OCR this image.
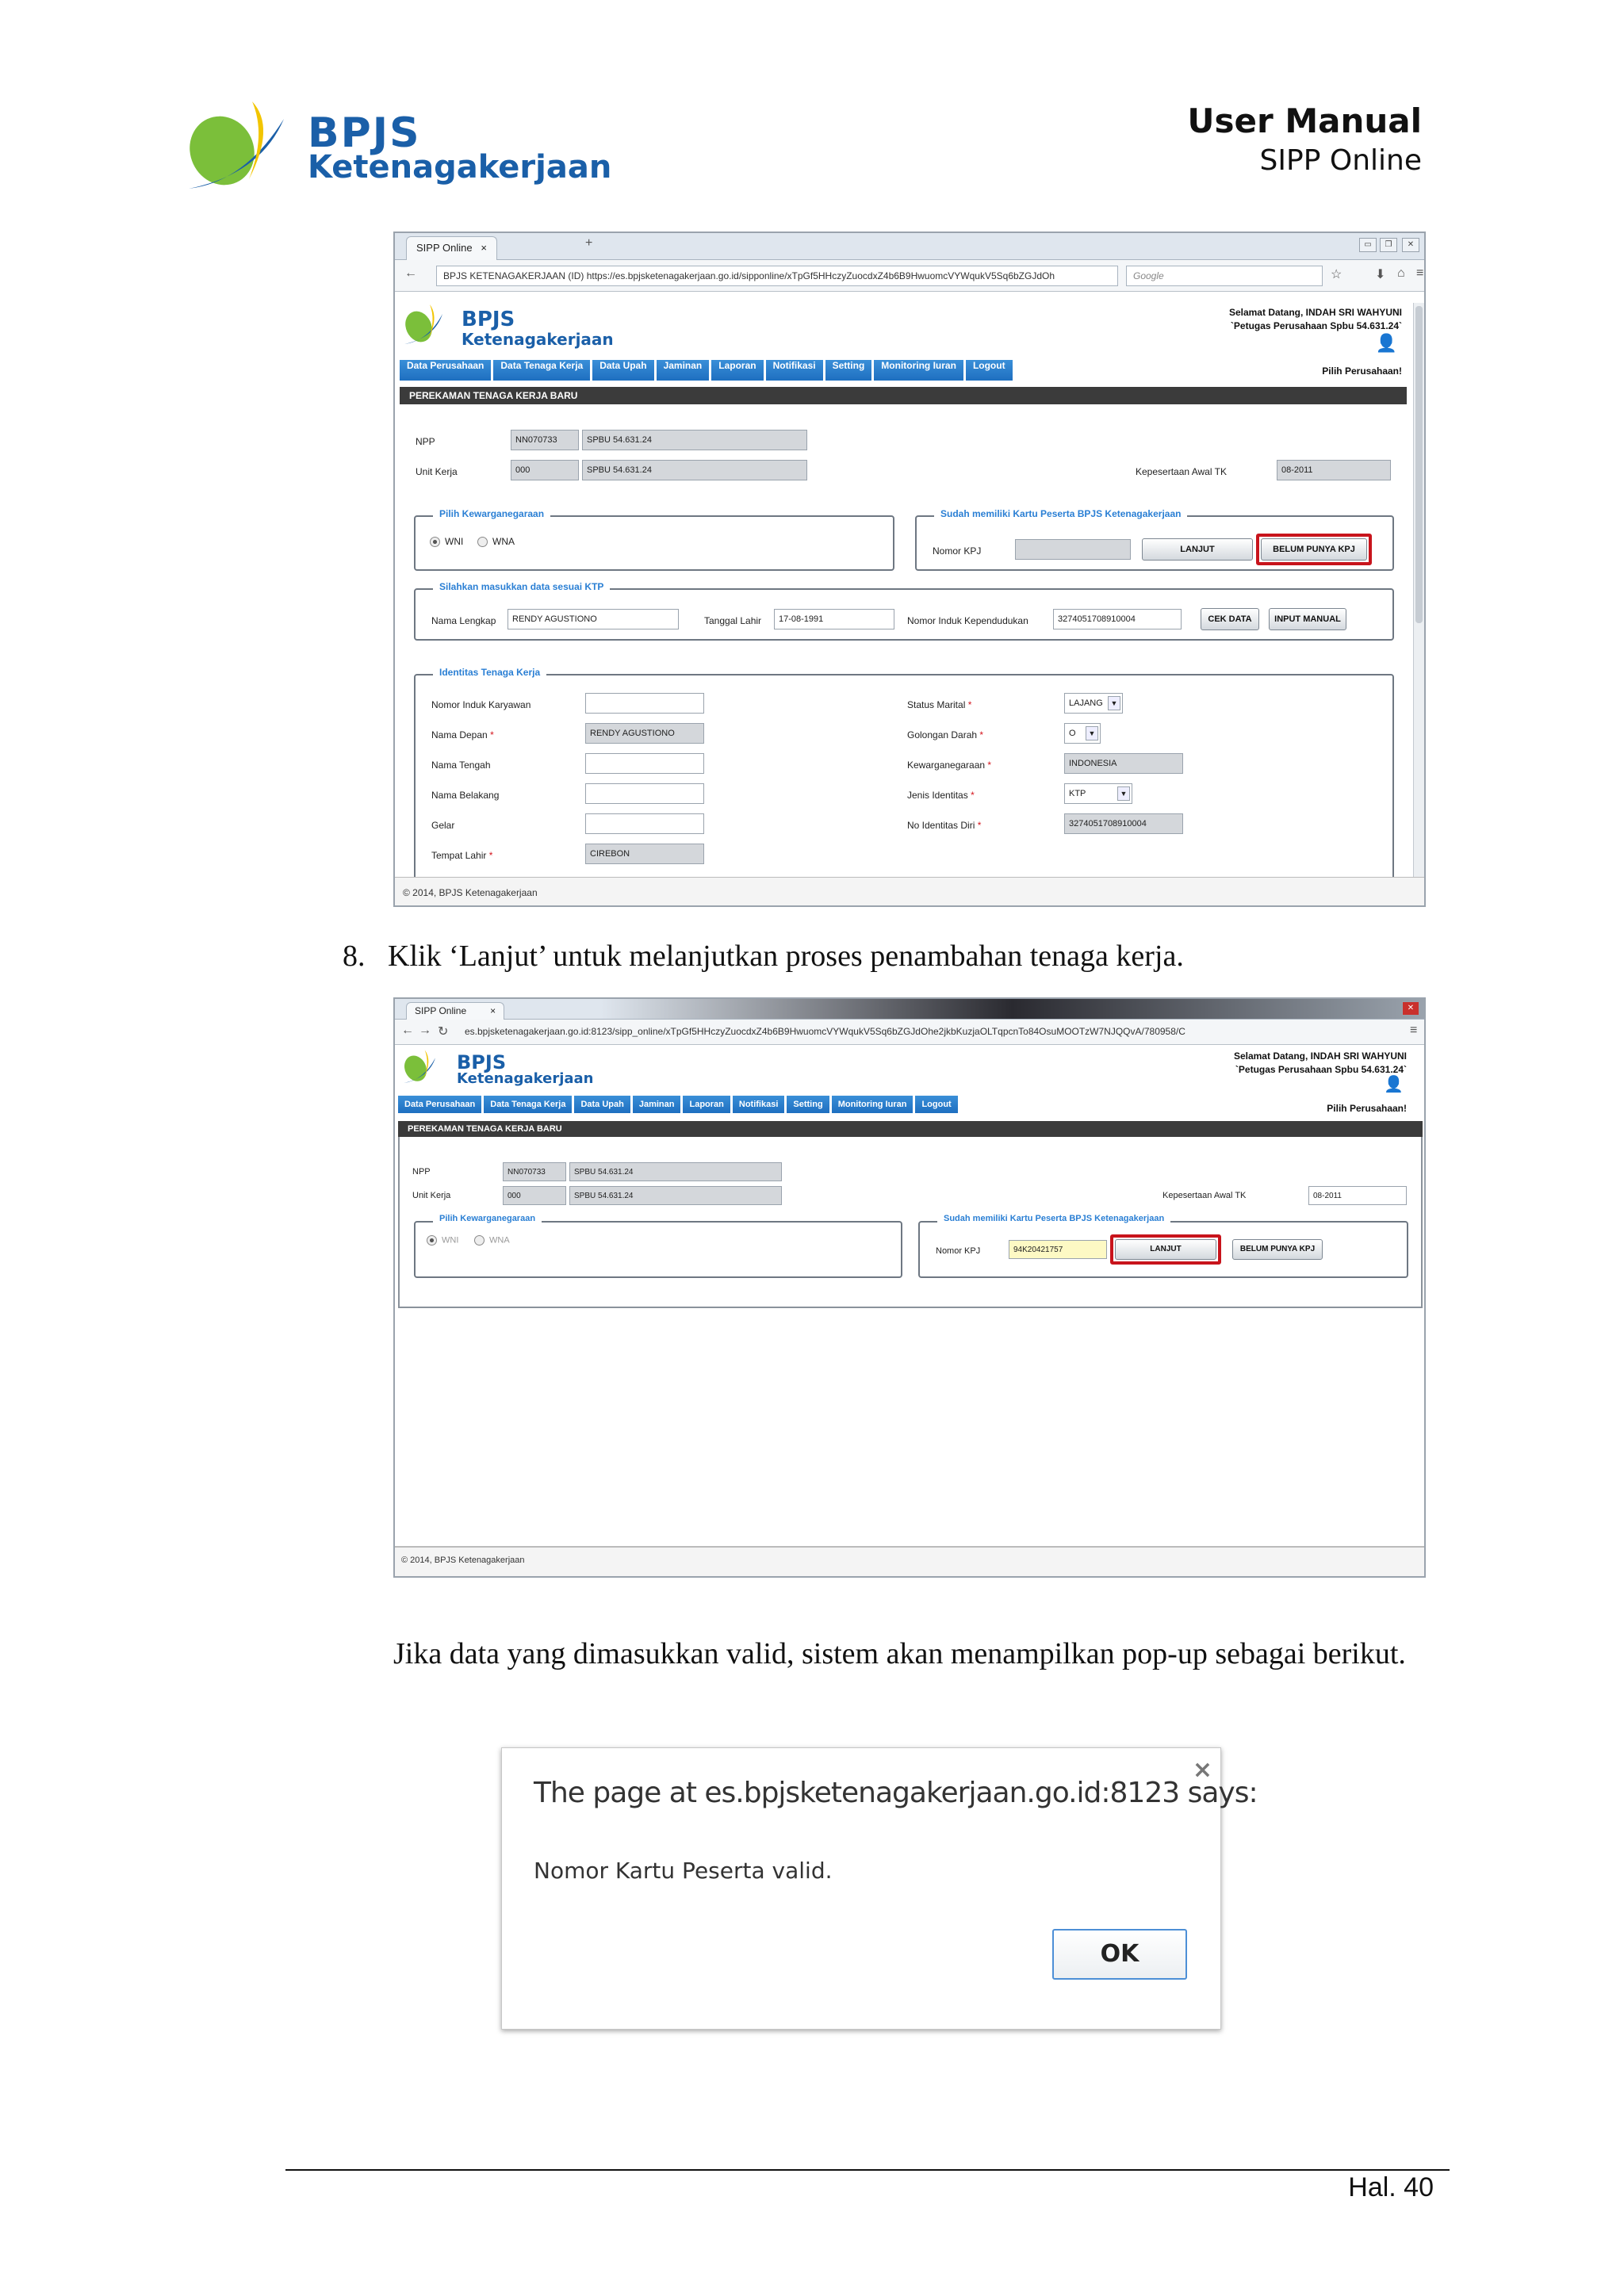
BPJS
Ketenagakerjaan
User Manual
SIPP Online
SIPP Online   ×	+	▭	❐	✕
←	BPJS KETENAGAKERJAAN (ID) https://es.bpjsketenagakerjaan.go.id/sipponline/xTpGf5HHczyZuocdxZ4b6B9HwuomcVYWqukV5Sq6bZGJdOh	Google	☆	⬇ ⌂ ≡
BPJS
Ketenagakerjaan
Selamat Datang, INDAH SRI WAHYUNI
`Petugas Perusahaan Spbu 54.631.24`
👤
Pilih Perusahaan!
Data Perusahaan Data Tenaga Kerja Data Upah Jaminan Laporan Notifikasi Setting Monitoring Iuran Logout
PEREKAMAN TENAGA KERJA BARU
NPP	NN070733	SPBU 54.631.24
Unit Kerja	000	SPBU 54.631.24	Kepesertaan Awal TK	08-2011
Pilih Kewarganegaraan
WNI	WNA
Sudah memiliki Kartu Peserta BPJS Ketenagakerjaan
Nomor KPJ	LANJUT	BELUM PUNYA KPJ
Silahkan masukkan data sesuai KTP
Nama Lengkap	RENDY AGUSTIONO	Tanggal Lahir	17-08-1991	Nomor Induk Kependudukan	3274051708910004	CEK DATA	INPUT MANUAL
Identitas Tenaga Kerja
Nomor Induk Karyawan
Nama Depan *	RENDY AGUSTIONO
Nama Tengah
Nama Belakang
Gelar
Tempat Lahir *	CIREBON
Status Marital *	LAJANG	▼
Golongan Darah *	O	▼
Kewarganegaraan *	INDONESIA
Jenis Identitas *	KTP	▼
No Identitas Diri *	3274051708910004
© 2014, BPJS Ketenagakerjaan
8. Klik ‘Lanjut’ untuk melanjutkan proses penambahan tenaga kerja.
SIPP Online         ×	✕
← → ↻	es.bpjsketenagakerjaan.go.id:8123/sipp_online/xTpGf5HHczyZuocdxZ4b6B9HwuomcVYWqukV5Sq6bZGJdOhe2jkbKuzjaOLTqpcnTo84OsuMOOTzW7NJQQvA/780958/C	≡
BPJS
Ketenagakerjaan
Selamat Datang, INDAH SRI WAHYUNI
`Petugas Perusahaan Spbu 54.631.24`
👤
Pilih Perusahaan!
Data Perusahaan Data Tenaga Kerja Data Upah Jaminan Laporan Notifikasi Setting Monitoring Iuran Logout
PEREKAMAN TENAGA KERJA BARU
NPP	NN070733	SPBU 54.631.24
Unit Kerja	000	SPBU 54.631.24	Kepesertaan Awal TK	08-2011
Pilih Kewarganegaraan
WNI	WNA
Sudah memiliki Kartu Peserta BPJS Ketenagakerjaan
Nomor KPJ	94K20421757	LANJUT	BELUM PUNYA KPJ
© 2014, BPJS Ketenagakerjaan
Jika data yang dimasukkan valid, sistem akan menampilkan pop-up sebagai berikut.
The page at es.bpjsketenagakerjaan.go.id:8123 says:
×
Nomor Kartu Peserta valid.
OK
Hal. 40
